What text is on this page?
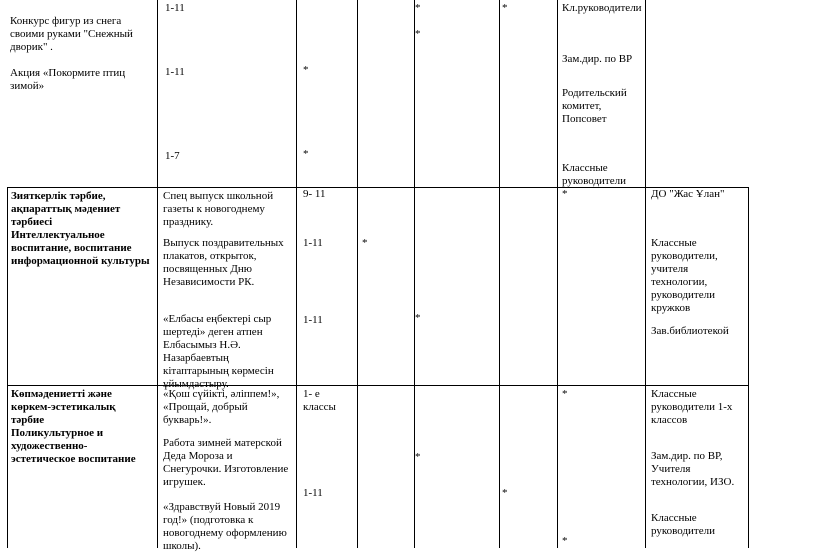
Конкурс фигур из снега своими руками "Снежный дворик" .

Акция «Покормите птиц зимой»
1-11
1-11
1-7
*
*
*
*
*
Кл.руководители
Зам.дир. по ВР
Родительский комитет, Попсовет
Классные руководители
Зияткерлік тәрбие, ақпараттық мәдениет тәрбиесі
Интеллектуальное воспитание, воспитание информационной культуры
Спец выпуск школьной газеты к новогоднему празднику.
Выпуск поздравительных плакатов, открыток, посвященных Дню Независимости РК.
«Елбасы еңбектері сыр шертеді» деген атпен Елбасымыз Н.Ә. Назарбаевтың кітаптарының көрмесін ұйымдастыру.
9- 11
1-11
1-11
*
*
*	ДО "Жас Ұлан"
Классные руководители, учителя технологии, руководители кружков
Зав.библиотекой
Көпмәдениетті және көркем-эстетикалық тәрбие
Поликультурное и художественно-эстетическое воспитание
«Қош сүйікті, әліппем!», «Прощай, добрый букварь!».
Работа зимней матерской Деда Мороза и Снегурочки. Изготовление игрушек.
«Здравствуй Новый 2019 год!» (подготовка к новогоднему оформлению школы).
1- е классы
1-11
*
*
*
*
Классные руководители 1-х классов
Зам.дир. по ВР, Учителя технологии, ИЗО.
Классные руководители
